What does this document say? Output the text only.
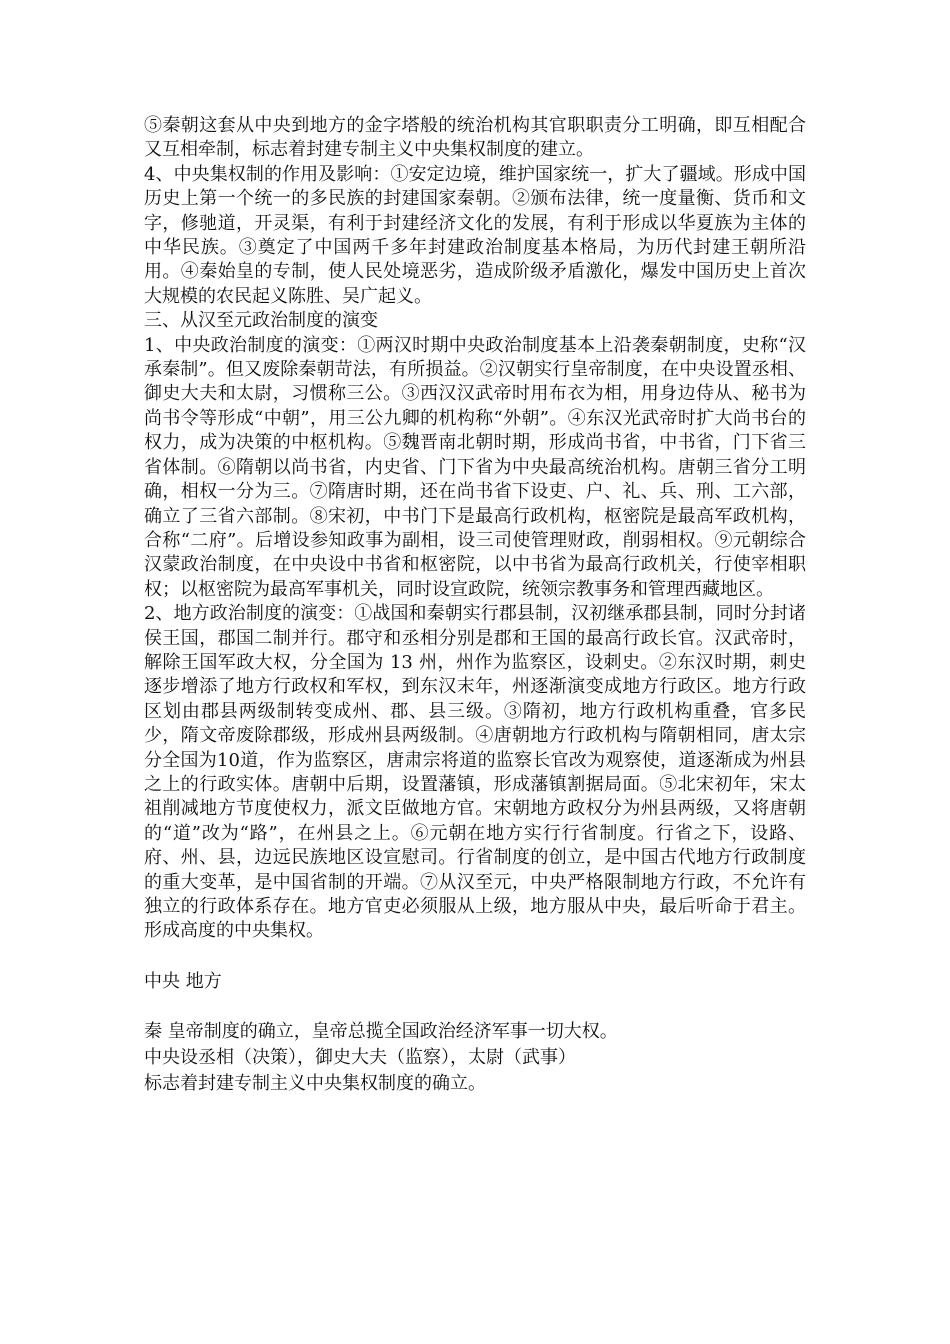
⑤秦朝这套从中央到地方的金字塔般的统治机构其官职职责分工明确，即互相配合又互相牵制，标志着封建专制主义中央集权制度的建立。

4、中央集权制的作用及影响：①安定边境，维护国家统一，扩大了疆域。形成中国历史上第一个统一的多民族的封建国家秦朝。②颁布法律，统一度量衡、货币和文字，修驰道，开灵渠，有利于封建经济文化的发展，有利于形成以华夏族为主体的中华民族。③奠定了中国两千多年封建政治制度基本格局，为历代封建王朝所沿用。④秦始皇的专制，使人民处境恶劣，造成阶级矛盾激化，爆发中国历史上首次大规模的农民起义陈胜、吴广起义。

三、从汉至元政治制度的演变

1、中央政治制度的演变：①两汉时期中央政治制度基本上沿袭秦朝制度，史称“汉承秦制”。但又废除秦朝苛法，有所损益。②汉朝实行皇帝制度，在中央设置丞相、御史大夫和太尉，习惯称三公。③西汉汉武帝时用布衣为相，用身边侍从、秘书为尚书令等形成“中朝”，用三公九卿的机构称“外朝”。④东汉光武帝时扩大尚书台的权力，成为决策的中枢机构。⑤魏晋南北朝时期，形成尚书省，中书省，门下省三省体制。⑥隋朝以尚书省，内史省、门下省为中央最高统治机构。唐朝三省分工明确，相权一分为三。⑦隋唐时期，还在尚书省下设吏、户、礼、兵、刑、工六部，确立了三省六部制。⑧宋初，中书门下是最高行政机构，枢密院是最高军政机构，合称“二府”。后增设参知政事为副相，设三司使管理财政，削弱相权。⑨元朝综合汉蒙政治制度，在中央设中书省和枢密院，以中书省为最高行政机关，行使宰相职权；以枢密院为最高军事机关，同时设宣政院，统领宗教事务和管理西藏地区。

2、地方政治制度的演变：①战国和秦朝实行郡县制，汉初继承郡县制，同时分封诸侯王国，郡国二制并行。郡守和丞相分别是郡和王国的最高行政长官。汉武帝时，解除王国军政大权，分全国为 13 州，州作为监察区，设刺史。②东汉时期，刺史逐步增添了地方行政权和军权，到东汉末年，州逐渐演变成地方行政区。地方行政区划由郡县两级制转变成州、郡、县三级。③隋初，地方行政机构重叠，官多民少，隋文帝废除郡级，形成州县两级制。④唐朝地方行政机构与隋朝相同，唐太宗分全国为10道，作为监察区，唐肃宗将道的监察长官改为观察使，道逐渐成为州县之上的行政实体。唐朝中后期，设置藩镇，形成藩镇割据局面。⑤北宋初年，宋太祖削减地方节度使权力，派文臣做地方官。宋朝地方政权分为州县两级，又将唐朝的“道”改为“路”，在州县之上。⑥元朝在地方实行行省制度。行省之下，设路、府、州、县，边远民族地区设宣慰司。行省制度的创立，是中国古代地方行政制度的重大变革，是中国省制的开端。⑦从汉至元，中央严格限制地方行政，不允许有独立的行政体系存在。地方官吏必须服从上级，地方服从中央，最后听命于君主。形成高度的中央集权。

中央 地方

秦 皇帝制度的确立，皇帝总揽全国政治经济军事一切大权。

中央设丞相（决策），御史大夫（监察），太尉（武事）

标志着封建专制主义中央集权制度的确立。
